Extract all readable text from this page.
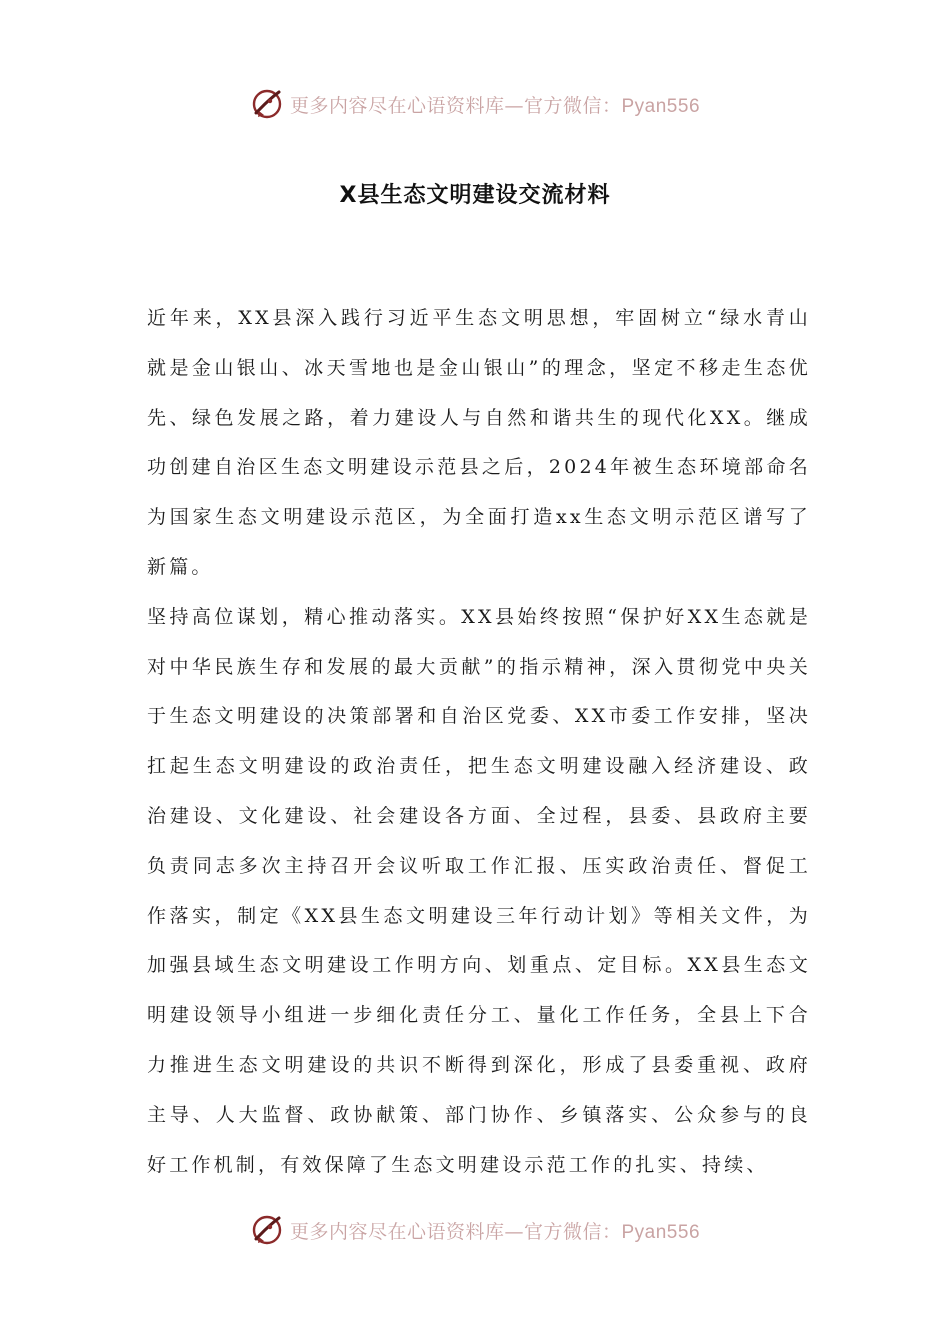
更多内容尽在心语资料库—官方微信：Pyan556
X县生态文明建设交流材料

近年来，XX县深入践行习近平生态文明思想，牢固树立“绿水青山就是金山银山、冰天雪地也是金山银山”的理念，坚定不移走生态优先、绿色发展之路，着力建设人与自然和谐共生的现代化XX。继成功创建自治区生态文明建设示范县之后，2024年被生态环境部命名为国家生态文明建设示范区，为全面打造xx生态文明示范区谱写了新篇。

坚持高位谋划，精心推动落实。XX县始终按照“保护好XX生态就是对中华民族生存和发展的最大贡献”的指示精神，深入贯彻党中央关于生态文明建设的决策部署和自治区党委、XX市委工作安排，坚决扛起生态文明建设的政治责任，把生态文明建设融入经济建设、政治建设、文化建设、社会建设各方面、全过程，县委、县政府主要负责同志多次主持召开会议听取工作汇报、压实政治责任、督促工作落实，制定《XX县生态文明建设三年行动计划》等相关文件，为加强县域生态文明建设工作明方向、划重点、定目标。XX县生态文明建设领导小组进一步细化责任分工、量化工作任务，全县上下合力推进生态文明建设的共识不断得到深化，形成了县委重视、政府主导、人大监督、政协献策、部门协作、乡镇落实、公众参与的良好工作机制，有效保障了生态文明建设示范工作的扎实、持续、

更多内容尽在心语资料库—官方微信：Pyan556
